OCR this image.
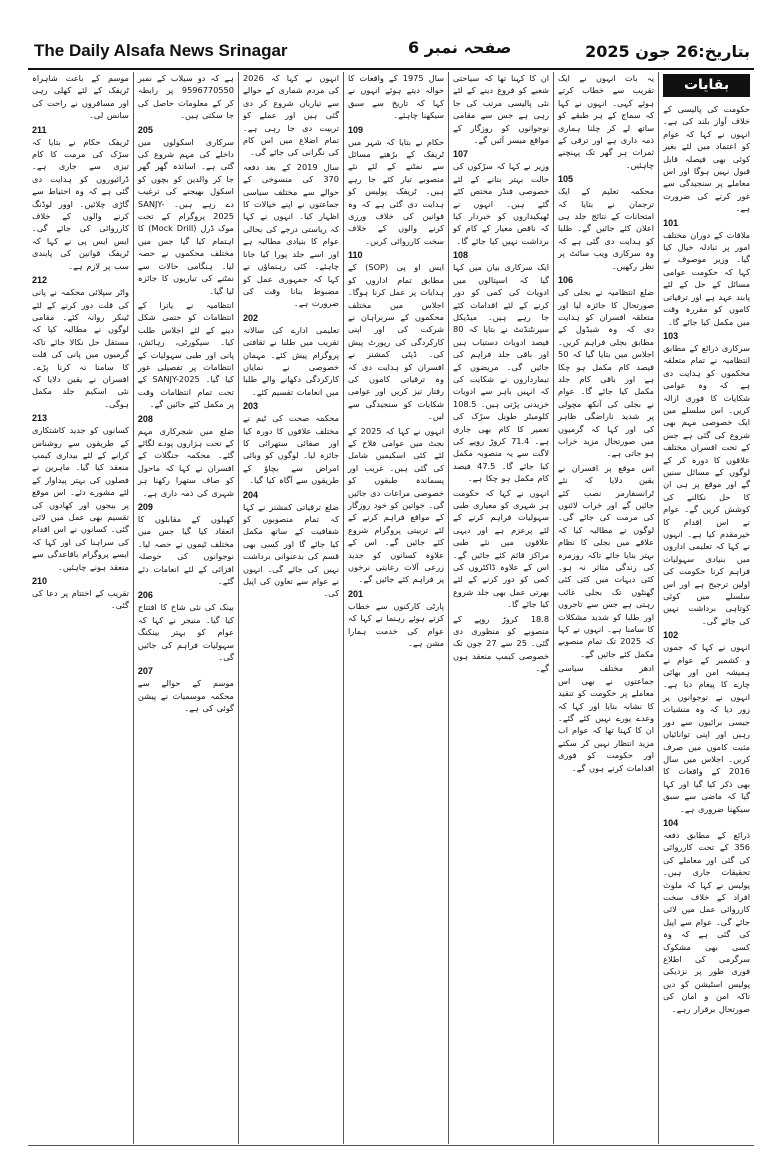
The Daily Alsafa News Srinagar	صفحہ نمبر 6	بتاریخ:26 جون 2025
بقایات

حکومت کی پالیسی کے خلاف آواز بلند کی ہے۔ انہوں نے کہا کہ عوام کو اعتماد میں لئے بغیر کوئی بھی فیصلہ قابل قبول نہیں ہوگا اور اس معاملے پر سنجیدگی سے غور کرنے کی ضرورت ہے۔

101

ملاقات کے دوران مختلف امور پر تبادلہ خیال کیا گیا۔ وزیر موصوف نے کہا کہ حکومت عوامی مسائل کے حل کے لئے پابند عہد ہے اور ترقیاتی کاموں کو مقررہ وقت میں مکمل کیا جائے گا۔

103

سرکاری ذرائع کے مطابق انتظامیہ نے تمام متعلقہ محکموں کو ہدایت دی ہے کہ وہ عوامی شکایات کا فوری ازالہ کریں۔ اس سلسلے میں ایک خصوصی مہم بھی شروع کی گئی ہے جس کے تحت افسران مختلف علاقوں کا دورہ کر کے لوگوں کے مسائل سنیں گے اور موقع پر ہی ان کا حل نکالنے کی کوشش کریں گے۔ عوام نے اس اقدام کا خیرمقدم کیا ہے۔ انہوں نے کہا کہ تعلیمی اداروں میں بنیادی سہولیات فراہم کرنا حکومت کی اولین ترجیح ہے اور اس سلسلے میں کوئی کوتاہی برداشت نہیں کی جائے گی۔

102

انہوں نے کہا کہ جموں و کشمیر کے عوام نے ہمیشہ امن اور بھائی چارے کا پیغام دیا ہے۔ انہوں نے نوجوانوں پر زور دیا کہ وہ منشیات جیسی برائیوں سے دور رہیں اور اپنی توانائیاں مثبت کاموں میں صرف کریں۔ اجلاس میں سال 2016 کے واقعات کا بھی ذکر کیا گیا اور کہا گیا کہ ماضی سے سبق سیکھنا ضروری ہے۔

104

ذرائع کے مطابق دفعہ 356 کے تحت کارروائی کی گئی اور معاملے کی تحقیقات جاری ہیں۔ پولیس نے کہا کہ ملوث افراد کے خلاف سخت کارروائی عمل میں لائی جائے گی۔ عوام سے اپیل کی گئی ہے کہ وہ کسی بھی مشکوک سرگرمی کی اطلاع فوری طور پر نزدیکی پولیس اسٹیشن کو دیں تاکہ امن و امان کی صورتحال برقرار رہے۔

یہ بات انہوں نے ایک تقریب سے خطاب کرتے ہوئے کہی۔ انہوں نے کہا کہ سماج کے ہر طبقے کو ساتھ لے کر چلنا ہماری ذمہ داری ہے اور ترقی کے ثمرات ہر گھر تک پہنچنے چاہئیں۔

105

محکمہ تعلیم کے ایک ترجمان نے بتایا کہ امتحانات کے نتائج جلد ہی اعلان کئے جائیں گے۔ طلبا کو ہدایت دی گئی ہے کہ وہ سرکاری ویب سائٹ پر نظر رکھیں۔

106

ضلع انتظامیہ نے بجلی کی صورتحال کا جائزہ لیا اور متعلقہ افسران کو ہدایت دی کہ وہ شیڈول کے مطابق بجلی فراہم کریں۔ اجلاس میں بتایا گیا کہ 50 فیصد کام مکمل ہو چکا ہے اور باقی کام جلد مکمل کیا جائے گا۔ عوام نے بجلی کی آنکھ مچولی پر شدید ناراضگی ظاہر کی اور کہا کہ گرمیوں میں صورتحال مزید خراب ہو جاتی ہے۔

اس موقع پر افسران نے یقین دلایا کہ نئے ٹرانسفارمر نصب کئے جائیں گے اور خراب لائنوں کی مرمت کی جائے گی۔ لوگوں نے مطالبہ کیا کہ علاقے میں بجلی کا نظام بہتر بنایا جائے تاکہ روزمرہ کی زندگی متاثر نہ ہو۔ کئی دیہات میں کئی کئی گھنٹوں تک بجلی غائب رہتی ہے جس سے تاجروں اور طلبا کو شدید مشکلات کا سامنا ہے۔ انہوں نے کہا کہ 2025 تک تمام منصوبے مکمل کئے جائیں گے۔

ادھر مختلف سیاسی جماعتوں نے بھی اس معاملے پر حکومت کو تنقید کا نشانہ بنایا اور کہا کہ وعدے پورے نہیں کئے گئے۔ ان کا کہنا تھا کہ عوام اب مزید انتظار نہیں کر سکتے اور حکومت کو فوری اقدامات کرنے ہوں گے۔

ان کا کہنا تھا کہ سیاحتی شعبے کو فروغ دینے کے لئے نئی پالیسی مرتب کی جا رہی ہے جس سے مقامی نوجوانوں کو روزگار کے مواقع میسر آئیں گے۔

107

وزیر نے کہا کہ سڑکوں کی حالت بہتر بنانے کے لئے خصوصی فنڈز مختص کئے گئے ہیں۔ انہوں نے ٹھیکیداروں کو خبردار کیا کہ ناقص معیار کے کام کو برداشت نہیں کیا جائے گا۔

108

ایک سرکاری بیان میں کہا گیا کہ اسپتالوں میں ادویات کی کمی کو دور کرنے کے لئے اقدامات کئے جا رہے ہیں۔ میڈیکل سپرنٹنڈنٹ نے بتایا کہ 80 فیصد ادویات دستیاب ہیں اور باقی جلد فراہم کی جائیں گی۔ مریضوں کے تیمارداروں نے شکایت کی کہ انہیں باہر سے ادویات خریدنی پڑتی ہیں۔ 108.5 کلومیٹر طویل سڑک کی تعمیر کا کام بھی جاری ہے۔ 71.4 کروڑ روپے کی لاگت سے یہ منصوبہ مکمل کیا جائے گا۔ 47.5 فیصد کام مکمل ہو چکا ہے۔

انہوں نے کہا کہ حکومت ہر شہری کو معیاری طبی سہولیات فراہم کرنے کے لئے پرعزم ہے اور دیہی علاقوں میں نئے طبی مراکز قائم کئے جائیں گے۔ اس کے علاوہ ڈاکٹروں کی کمی کو دور کرنے کے لئے بھرتی عمل بھی جلد شروع کیا جائے گا۔

18.8 کروڑ روپے کے منصوبے کو منظوری دی گئی۔ 25 سے 27 جون تک خصوصی کیمپ منعقد ہوں گے۔

سال 1975 کے واقعات کا حوالہ دیتے ہوئے انہوں نے کہا کہ تاریخ سے سبق سیکھنا چاہئے۔

109

حکام نے بتایا کہ شہر میں ٹریفک کے بڑھتے مسائل سے نمٹنے کے لئے نئے منصوبے تیار کئے جا رہے ہیں۔ ٹریفک پولیس کو ہدایت دی گئی ہے کہ وہ قوانین کی خلاف ورزی کرنے والوں کے خلاف سخت کارروائی کریں۔

110

ایس او پی (SOP) کے مطابق تمام اداروں کو ہدایات پر عمل کرنا ہوگا۔ اجلاس میں مختلف محکموں کے سربراہان نے شرکت کی اور اپنی کارکردگی کی رپورٹ پیش کی۔ ڈپٹی کمشنر نے افسران کو ہدایت دی کہ وہ ترقیاتی کاموں کی رفتار تیز کریں اور عوامی شکایات کو سنجیدگی سے لیں۔

انہوں نے کہا کہ 2025 کے بجٹ میں عوامی فلاح کے لئے کئی اسکیمیں شامل کی گئی ہیں۔ غریب اور پسماندہ طبقوں کو خصوصی مراعات دی جائیں گی۔ خواتین کو خود روزگار کے مواقع فراہم کرنے کے لئے تربیتی پروگرام شروع کئے جائیں گے۔ اس کے علاوہ کسانوں کو جدید زرعی آلات رعایتی نرخوں پر فراہم کئے جائیں گے۔

201

پارٹی کارکنوں سے خطاب کرتے ہوئے رہنما نے کہا کہ عوام کی خدمت ہمارا مشن ہے۔

انہوں نے کہا کہ 2026 کی مردم شماری کے حوالے سے تیاریاں شروع کر دی گئی ہیں اور عملے کو تربیت دی جا رہی ہے۔ تمام اضلاع میں اس کام کی نگرانی کی جائے گی۔

سال 2019 کے بعد دفعہ 370 کی منسوخی کے حوالے سے مختلف سیاسی جماعتوں نے اپنے خیالات کا اظہار کیا۔ انہوں نے کہا کہ ریاستی درجے کی بحالی عوام کا بنیادی مطالبہ ہے اور اسے جلد پورا کیا جانا چاہئے۔ کئی رہنماؤں نے کہا کہ جمہوری عمل کو مضبوط بنانا وقت کی ضرورت ہے۔

202

تعلیمی ادارے کی سالانہ تقریب میں طلبا نے ثقافتی پروگرام پیش کئے۔ مہمان خصوصی نے نمایاں کارکردگی دکھانے والے طلبا میں انعامات تقسیم کئے۔

203

محکمہ صحت کی ٹیم نے مختلف علاقوں کا دورہ کیا اور صفائی ستھرائی کا جائزہ لیا۔ لوگوں کو وبائی امراض سے بچاؤ کے طریقوں سے آگاہ کیا گیا۔

204

ضلع ترقیاتی کمشنر نے کہا کہ تمام منصوبوں کو شفافیت کے ساتھ مکمل کیا جائے گا اور کسی بھی قسم کی بدعنوانی برداشت نہیں کی جائے گی۔ انہوں نے عوام سے تعاون کی اپیل کی۔

ہے کہ دو سیلاب کے نمبر 9596770550 پر رابطہ کر کے معلومات حاصل کی جا سکتی ہیں۔

205

سرکاری اسکولوں میں داخلے کی مہم شروع کی گئی ہے۔ اساتذہ گھر گھر جا کر والدین کو بچوں کو اسکول بھیجنے کی ترغیب دے رہے ہیں۔ SANJY-2025 پروگرام کے تحت موک ڈرل (Mock Drill) کا اہتمام کیا گیا جس میں مختلف محکموں نے حصہ لیا۔ ہنگامی حالات سے نمٹنے کی تیاریوں کا جائزہ لیا گیا۔

انتظامیہ نے یاترا کے انتظامات کو حتمی شکل دینے کے لئے اجلاس طلب کیا۔ سیکورٹی، رہائش، پانی اور طبی سہولیات کے انتظامات پر تفصیلی غور کیا گیا۔ SANJY-2025 کے تحت تمام انتظامات وقت پر مکمل کئے جائیں گے۔

208

ضلع میں شجرکاری مہم کے تحت ہزاروں پودے لگائے گئے۔ محکمہ جنگلات کے افسران نے کہا کہ ماحول کو صاف ستھرا رکھنا ہر شہری کی ذمہ داری ہے۔

209

کھیلوں کے مقابلوں کا انعقاد کیا گیا جس میں مختلف ٹیموں نے حصہ لیا۔ نوجوانوں کی حوصلہ افزائی کے لئے انعامات دئے گئے۔

206

بینک کی نئی شاخ کا افتتاح کیا گیا۔ منیجر نے کہا کہ عوام کو بہتر بینکنگ سہولیات فراہم کی جائیں گی۔

207

موسم کے حوالے سے محکمہ موسمیات نے پیشن گوئی کی ہے۔

موسم کے باعث شاہراہ ٹریفک کے لئے کھلی رہی اور مسافروں نے راحت کی سانس لی۔

211

ٹریفک حکام نے بتایا کہ سڑک کی مرمت کا کام تیزی سے جاری ہے۔ ڈرائیوروں کو ہدایت دی گئی ہے کہ وہ احتیاط سے گاڑی چلائیں۔ اوور لوڈنگ کرنے والوں کے خلاف کارروائی کی جائے گی۔ ایس ایس پی نے کہا کہ ٹریفک قوانین کی پابندی سب پر لازم ہے۔

212

واٹر سپلائی محکمہ نے پانی کی قلت دور کرنے کے لئے ٹینکر روانہ کئے۔ مقامی لوگوں نے مطالبہ کیا کہ مستقل حل نکالا جائے تاکہ گرمیوں میں پانی کی قلت کا سامنا نہ کرنا پڑے۔ افسران نے یقین دلایا کہ نئی اسکیم جلد مکمل ہوگی۔

213

کسانوں کو جدید کاشتکاری کے طریقوں سے روشناس کرانے کے لئے بیداری کیمپ منعقد کیا گیا۔ ماہرین نے فصلوں کی بہتر پیداوار کے لئے مشورے دئے۔ اس موقع پر بیجوں اور کھادوں کی تقسیم بھی عمل میں لائی گئی۔ کسانوں نے اس اقدام کی سراہنا کی اور کہا کہ ایسے پروگرام باقاعدگی سے منعقد ہونے چاہئیں۔

210

تقریب کے اختتام پر دعا کی گئی۔
